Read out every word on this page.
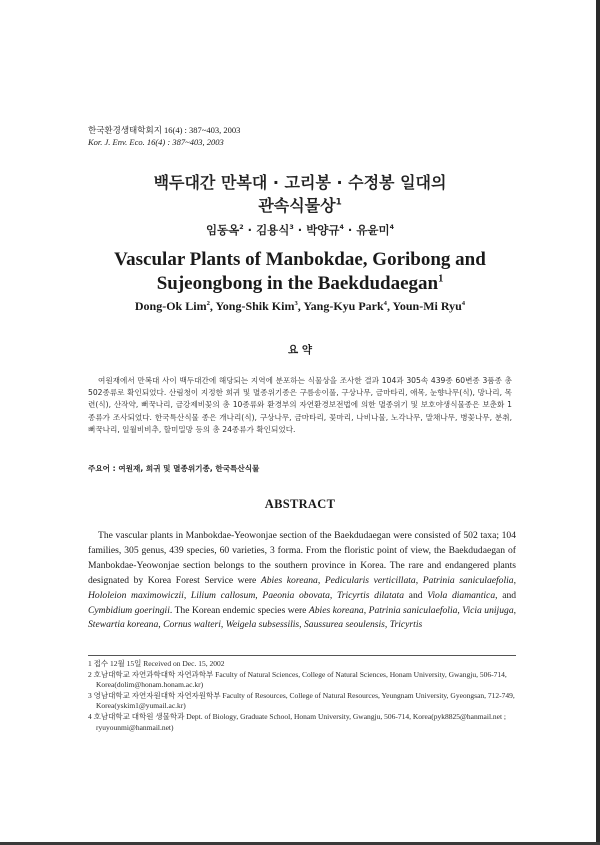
한국환경생태학회지 16(4) : 387~403, 2003
Kor. J. Env. Eco. 16(4) : 387~403, 2003
백두대간 만복대 · 고리봉 · 수정봉 일대의
관속식물상$^1$
임동옥$^2$ · 김용식$^3$ · 박양규$^4$ · 유윤미$^4$
Vascular Plants of Manbokdae, Goribong and
Sujeongbong in the Baekdudaegan$^1$
Dong-Ok Lim$^2$, Yong-Shik Kim$^3$, Yang-Kyu Park$^4$, Youn-Mi Ryu$^4$
요 약
여원재에서 만복대 사이 백두대간에 해당되는 지역에 분포하는 식물상을 조사한 결과 104과 305속 439종 60변종 3품종 총 502종류로 확인되었다. 산림청이 지정한 희귀 및 멸종위기종은 구름송이풀, 구상나무, 금마타리, 애목, 눈향나무(식), 망나리, 목련(식), 산작약, 뻐꾹나리, 금강제비꽃의 총 10종류와 환경부의 자연환경보전법에 의한 멸종위기 및 보호야생식물종은 보춘화 1종류가 조사되었다. 한국특산식물 종은 개나리(식), 구상나무, 금마타리, 꽃마리, 나비나물, 노각나무, 말채나무, 병꽃나무, 분취, 뻐꾹나리, 일월비비추, 할미밀망 등의 총 24종류가 확인되었다.
주요어 : 여원재, 희귀 및 멸종위기종, 한국특산식물
ABSTRACT
The vascular plants in Manbokdae-Yeowonjae section of the Baekdudaegan were consisted of 502 taxa; 104 families, 305 genus, 439 species, 60 varieties, 3 forma. From the floristic point of view, the Baekdudaegan of Manbokdae-Yeowonjae section belongs to the southern province in Korea. The rare and endangered plants designated by Korea Forest Service were Abies koreana, Pedicularis verticillata, Patrinia saniculaefolia, Hololeion maximowiczii, Lilium callosum, Paeonia obovata, Tricyrtis dilatata and Viola diamantica, and Cymbidium goeringii. The Korean endemic species were Abies koreana, Patrinia saniculaefolia, Vicia unijuga, Stewartia koreana, Cornus walteri, Weigela subsessilis, Saussurea seoulensis, Tricyrtis
1 접수 12월 15일 Received on Dec. 15, 2002
2 호남대학교 자연과학대학 자연과학부 Faculty of Natural Sciences, College of Natural Sciences, Honam University, Gwangju, 506-714, Korea(dolim@honam.honam.ac.kr)
3 영남대학교 자연자원대학 자연자원학부 Faculty of Resources, College of Natural Resources, Yeungnam University, Gyeongsan, 712-749, Korea(yskim1@yumail.ac.kr)
4 호남대학교 대학원 생물학과 Dept. of Biology, Graduate School, Honam University, Gwangju, 506-714, Korea(pyk8825@hanmail.net ; ryuyounmi@hanmail.net)
